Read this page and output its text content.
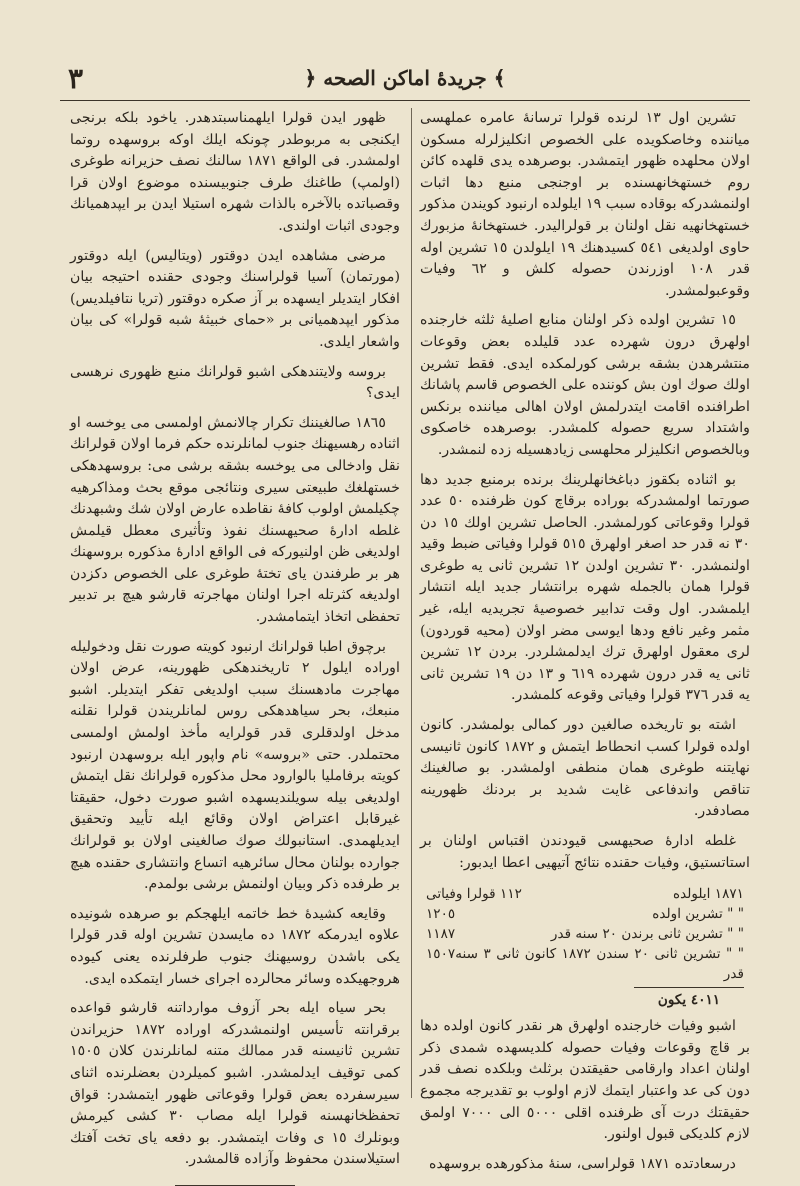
٣	﴿ جريدۀ اماكن الصحه ﴾

تشرين اول ١٣ لرنده قولرا ترسانهٔ عامره عملهسی میاننده وخاصكويده على الخصوص انكليزلرله مسكون اولان محلهده ظهور ايتمشدر. بوصرهده يدى قلهده كائن روم خستهخانهسنده بر اوجنجى منبع دها اثبات اولنمشدركه بوقاده سبب ١٩ ايلولده ارنبود كويندن مذكور خستهخانهیه نقل اولنان بر قولرالیدر. خستهخانهٔ مزبورك حاوى اولديغى ٥٤١ كسيدهنك ١٩ ايلولدن ١٥ تشرين اوله قدر ١٠٨ اوزرندن حصوله كلش و ٦٢ وفيات وقوعبولمشدر.

١٥ تشرين اولده ذكر اولنان منابع اصليهٔ ثلثه خارجنده اولهرق درون شهرده عدد قليلده بعض وقوعات منتشرهدن بشقه برشى كورلمكده ايدى. فقط تشرين اولك صوك اون بش كوننده على الخصوص قاسم پاشانك اطرافنده اقامت ايتدرلمش اولان اهالى مياننده برنكس واشتداد سريع حصوله كلمشدر. بوصرهده خاصكوى وبالخصوص انكليزلر محلهسى زيادهسيله زده لنمشدر.

بو اثناده بكقوز دباغخانهلرينك برنده برمنبع جديد دها صورتما اولمشدركه بوراده برقاچ كون ظرفنده ٥٠ عدد قولرا وقوعاتى كورلمشدر. الحاصل تشرين اولك ١٥ دن ٣٠ نه قدر حد اصغر اولهرق ٥١٥ قولرا وفياتى ضبط وقيد اولنمشدر. ٣٠ تشرين اولدن ١٢ تشرين ثانى يه طوغرى قولرا همان بالجمله شهره برانتشار جديد ايله انتشار ايلمشدر. اول وقت تدابير خصوصيهٔ تجريديه ايله، غير مثمر وغير نافع ودها ايوسى مضر اولان (محيه قوردون) لرى معقول اولهرق ترك ايدلمشلردر. بردن ١٢ تشرين ثانى يه قدر درون شهرده ٦١٩ و ١٣ دن ١٩ تشرين ثانى يه قدر ٣٧٦ قولرا وفياتى وقوعه كلمشدر.

اشته بو تاريخده صالغين دور كمالى بولمشدر. كانون اولده قولرا كسب انحطاط ايتمش و ١٨٧٢ كانون ثانيسى نهايتنه طوغرى همان منطفى اولمشدر. بو صالغينك تناقص واندفاعى غايت شديد بر بردنك ظهورينه مصادفدر.

غلطه ادارۀ صحيهسى قيودندن اقتباس اولنان بر استاتستيق، وفيات حقنده نتائج آتيهيى اعطا ايدبور:

١٨٧١ ايلولده
١١٢ قولرا وفياتى
" " تشرين اولده
١٢٠٥
" " تشرين ثانى برندن ٢٠ سنه قدر
١١٨٧
" " تشرين ثانى ٢٠ سندن ١٨٧٢ كانون ثانى ٣ سنه قدر
١٥٠٧
٤٠١١ يكون

اشبو وفيات خارجنده اولهرق هر نقدر كانون اولده دها بر قاچ وقوعات وفيات حصوله كلديسهده شمدى ذكر اولنان اعداد وارقامى حقيقتدن برثلث وبلكده نصف قدر دون كى عد واعتبار ايتمك لازم اولوب بو تقديرجه مجموع حقيقتك درت آى ظرفنده اقلى ٥٠٠٠ الى ٧٠٠٠ اولمق لازم كلديكى قبول اولنور.

درسعادتده ١٨٧١ قولراسى، سنهٔ مذكورهده بروسهده

ظهور ايدن قولرا ايلهمناسبتدهدر. ياخود بلكه برنجى ايكنجى به مربوطدر چونكه ايلك اوكه بروسهده روتما اولمشدر. فى الواقع ١٨٧١ سالنك نصف حزيرانه طوغرى (اولمپ) طاغنك طرف جنوبيسنده موضوع اولان قرا وقصباتده بالآخره بالذات شهره استيلا ايدن بر ايپدهميانك وجودى اثبات اولندى.

مرضى مشاهده ايدن دوقتور (ويتاليس) ايله دوقتور (مورتمان) آسيا قولراسنك وجودى حقنده احتيجه بيان افكار ايتديلر ايسهده بر آز صكره دوقتور (تريا نتافيلديس) مذكور ايپدهميانى بر «حماى خبيثهٔ شبه قولرا» كى بيان واشعار ايلدى.

بروسه ولايتندهكى اشبو قولرانك منبع ظهورى نرهسى ايدى؟

١٨٦٥ صالغيننك تكرار چالانمش اولمسى مى يوخسه او اثناده رهسيهنك جنوب لمانلرنده حكم فرما اولان قولرانك نقل وادخالى مى يوخسه بشقه برشى مى: بروسهدهكى خستهلغك طبيعتى سيرى ونتائجى موقع بحث ومذاكرهيه چكيلمش اولوب كافهٔ نقاطده عارض اولان شك وشبهدنك غلطه ادارۀ صحيهسنك نفوذ وتأثيرى معطل قيلمش اولديغى ظن اولنيوركه فى الواقع ادارۀ مذكوره بروسهنك هر بر طرفندن ياى تختهٔ طوغرى على الخصوص دكزدن اولديغه كثرتله اجرا اولنان مهاجرته قارشو هيچ بر تدبير تحفظى اتخاذ ايتمامشدر.

برچوق اطبا قولرانك ارنبود كويته صورت نقل ودخوليله اوراده ايلول ٢ تاريخندهكى ظهورينه، عرض اولان مهاجرت مادهسنك سبب اولديغى تفكر ايتديلر. اشبو منبعك، بحر سياهدهكى روس لمانلريندن قولرا نقلنه مدخل اولدقلرى قدر قولرايه مأخذ اولمش اولمسى محتملدر. حتى «بروسه» نام واپور ايله بروسهدن ارنبود كويته برفامليا بالوارود محل مذكوره قولرانك نقل ايتمش اولديغى بيله سويلنديسهده اشبو صورت دخول، حقيقتا غيرقابل اعتراض اولان وقائع ايله تأييد وتحقيق ايديلهمدى. استانبولك صوك صالغينى اولان بو قولرانك جوارده بولنان محال سائرهيه اتساع وانتشارى حقنده هيچ بر طرفده ذكر وبيان اولنمش برشى بولمدم.

وقايعه كشيدهٔ خط خاتمه ايلهجكم بو صرهده شونيده علاوه ايدرمكه ١٨٧٢ ده مايسدن تشرين اوله قدر قولرا يكى باشدن روسيهنك جنوب طرفلرنده يعنى كيوده هروجهيكده وسائر محالرده اجراى خسار ايتمكده ايدى.

بحر سياه ايله بحر آزوف موارداتنه قارشو قواعده برقرانته تأسيس اولنمشدركه اوراده ١٨٧٢ حزيراندن تشرين ثانيسنه قدر ممالك متنه لمانلرندن كلان ١٥٠٥ كمى توقيف ايدلمشدر. اشبو كميلردن بعضلرنده اثناى سيرسفرده بعض قولرا وقوعاتى ظهور ايتمشدر: قواق تحفظخانهسنه قولرا ايله مصاب ٣٠ كشى كيرمش وبونلرك ١٥ ى وفات ايتمشدر. بو دفعه ياى تخت آفتك استيلاسندن محفوظ وآزاده قالمشدر.
